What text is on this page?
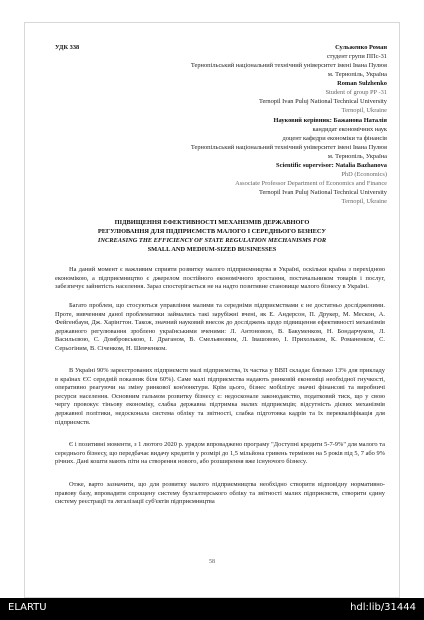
УДК 338	Сульженко Роман
студент групи ППс-31
Тернопільський національний технічний університет імені Івана Пулюя
м. Тернопіль, Україна
Roman Sulzhenko
Student of group PP -31
Ternopil Ivan Puluj National Technical University
Ternopil, Ukraine
Науковий керівник: Бажанова Наталія
кандидат економічних наук
доцент кафедри економіки та фінансів
Тернопільський національний технічний університет імені Івана Пулюя
м. Тернопіль, Україна
Scientific supervisor: Natalia Bazhanova
PhD (Economics)
Associate Professor Department of Economics and Finance
Ternopil Ivan Puluj National Technical University
Ternopil, Ukraine
ПІДВИЩЕННЯ ЕФЕКТИВНОСТІ МЕХАНІЗМІВ ДЕРЖАВНОГО
РЕГУЛЮВАННЯ ДЛЯ ПІДПРИЄМСТВ МАЛОГО І СЕРЕДНЬОГО БІЗНЕСУ
INCREASING THE EFFICIENCY OF STATE REGULATION MECHANISMS FOR
SMALL AND MEDIUM-SIZED BUSINESSES
На даний момент є важливим сприяти розвитку малого підприємництва в Україні, оскільки країна з перехідною економікою, а підприємництво є джерелом постійного економічного зростання, постачальником товарів і послуг, забезпечує зайнятість населення. Зараз спостерігається не на надто позитивне становище малого бізнесу в Україні.
Багато проблем, що стосуються управління малими та середніми підприємствами є не достатньо дослідженими. Проте, вивченням даної проблематики займались такі зарубіжні вчені, як Е. Андерсон, П. Друкер, М. Мескон, А. Фейгенбаум, Дж. Харінгтон. Також, значний науковий внесок до досліджень щодо підвищення ефективності механізмів державного регулювання зроблено українськими вченими: Л. Антоновою, В. Бакуменком, Н. Бондарчуком, Л. Васильєвою, С. Домбровською, І. Драганом, В. Смельяновим, Л. Івашовою, І. Прихольком, К. Романенком, С. Серьогіним, В. Сiченком, Н. Шевченком.
В Україні 90% зареєстрованих підприємств малі підприємства, їх частка у ВВП складає близько 13% для прикладу в країнах ЄС середній показник біля 60%). Саме малі підприємства надають ринковій економіці необхідної гнучкості, оперативно реагуючи на зміну ринкової кон'юнктури. Крім цього, бізнес мобілізує значні фінансові та виробничі ресурси населення. Основним гальмом розвитку бізнесу є: недосконале законодавство, податковий тиск, що у свою чергу провокує тіньову економіку, слабка державна підтримка малих підприємців; відсутність дієвих механізмів державної політики, недосконала система обліку та звітності, слабка підготовка кадрів та їх перекваліфікація для підприємств.
Є і позитивні моменти, з 1 лютого 2020 р. урядом впроваджено програму "Доступні кредити 5-7-9%" для малого та середнього бізнесу, що передбачає видачу кредитів у розмірі до 1,5 мільйона гривень терміном на 5 років під 5, 7 або 9% річних. Дані кошти мають піти на створення нового, або розширення вже існуючого бізнесу.
Отже, варто зазначити, що для розвитку малого підприємництва необхідно створити відповідну нормативно-правову базу, впровадити спрощену систему бухгалтерського обліку та звітності малих підприємств, створити єдину систему реєстрації та легалізації суб'єктів підприємництва
58
ELARTU	hdl:lib/31444
